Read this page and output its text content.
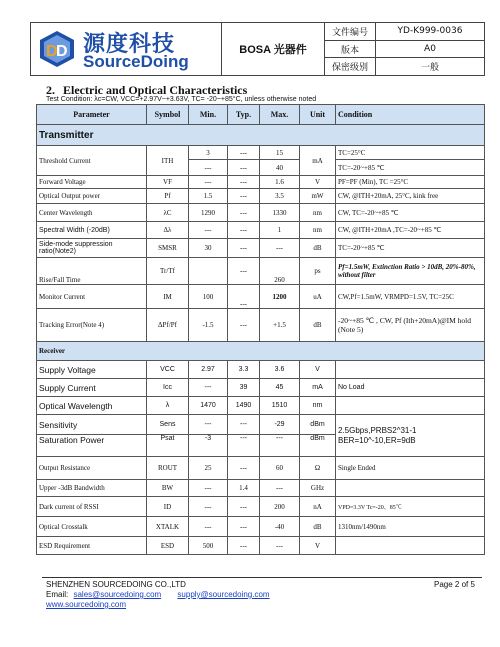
D
D 源度科技
SourceDoing
BOSA 光器件
文件编号	YD-K999-0036
版本	A0
保密级别	一般
2. Electric and Optical Characteristics
Test Condition: λc=CW, VCC=+2.97V~+3.63V, TC= -20~+85°C, unless otherwise noted
Parameter	Symbol	Min.	Typ.	Max.	Unit	Condition
Transmitter						
Threshold Current	ITH	3	---	15	mA	TC=25°C
		---	---	40		TC=-20~+85 ℃
Forward Voltage	VF	---	---	1.6	V	PF=PF (Min), TC =25°C
Optical Output power	Pf	1.5	---	3.5	mW	CW, @ITH+20mA, 25°C, kink free
Center Wavelength	λC	1290	---	1330	nm	CW, TC=-20~+85 ℃
Spectral Width (-20dB)	Δλ	---	---	1	nm	CW, @ITH+20mA ,TC=-20~+85 ℃
Side-mode suppression ratio(Note2)	SMSR	30	---	---	dB	TC=-20~+85 ℃
Rise/Fall Time	Tr/Tf		---	260	ps	Pf=1.5mW, Extinction Ratio > 10dB, 20%-80%, without filter
Monitor Current	IM	100	---	1200	uA	CW,Pf=1.5mW, VRMPD=1.5V, TC=25C
Tracking Error(Note 4)	ΔPf/Pf	-1.5	---	+1.5	dB	-20~+85 ℃ , CW, Pf (Ith+20mA)@IM hold (Note 5)
Receiver						
Supply Voltage	VCC	2.97	3.3	3.6	V	
Supply Current	Icc	---	39	45	mA	No Load
Optical Wavelength	λ	1470	1490	1510	nm	
Sensitivity	Sens	---	---	-29	dBm	2.5Gbps,PRBS2^31-1 BER=10^-10,ER=9dB
Saturation Power	Psat	-3	---	---	dBm	
Output Resistance	ROUT	25	---	60	Ω	Single Ended
Upper -3dB Bandwidth	BW	---	1.4	---	GHz	
Dark current of RSSI	ID	---	---	200	nA	VPD=3.3V Tc=-20、85℃
Optical Crosstalk	XTALK	---	---	-40	dB	1310nm/1490nm
ESD Requirement	ESD	500	---	---	V	
SHENZHEN SOURCEDOING CO.,LTD	Page 2 of 5
Email: sales@sourcedoing.com supply@sourcedoing.com
www.sourcedoing.com
